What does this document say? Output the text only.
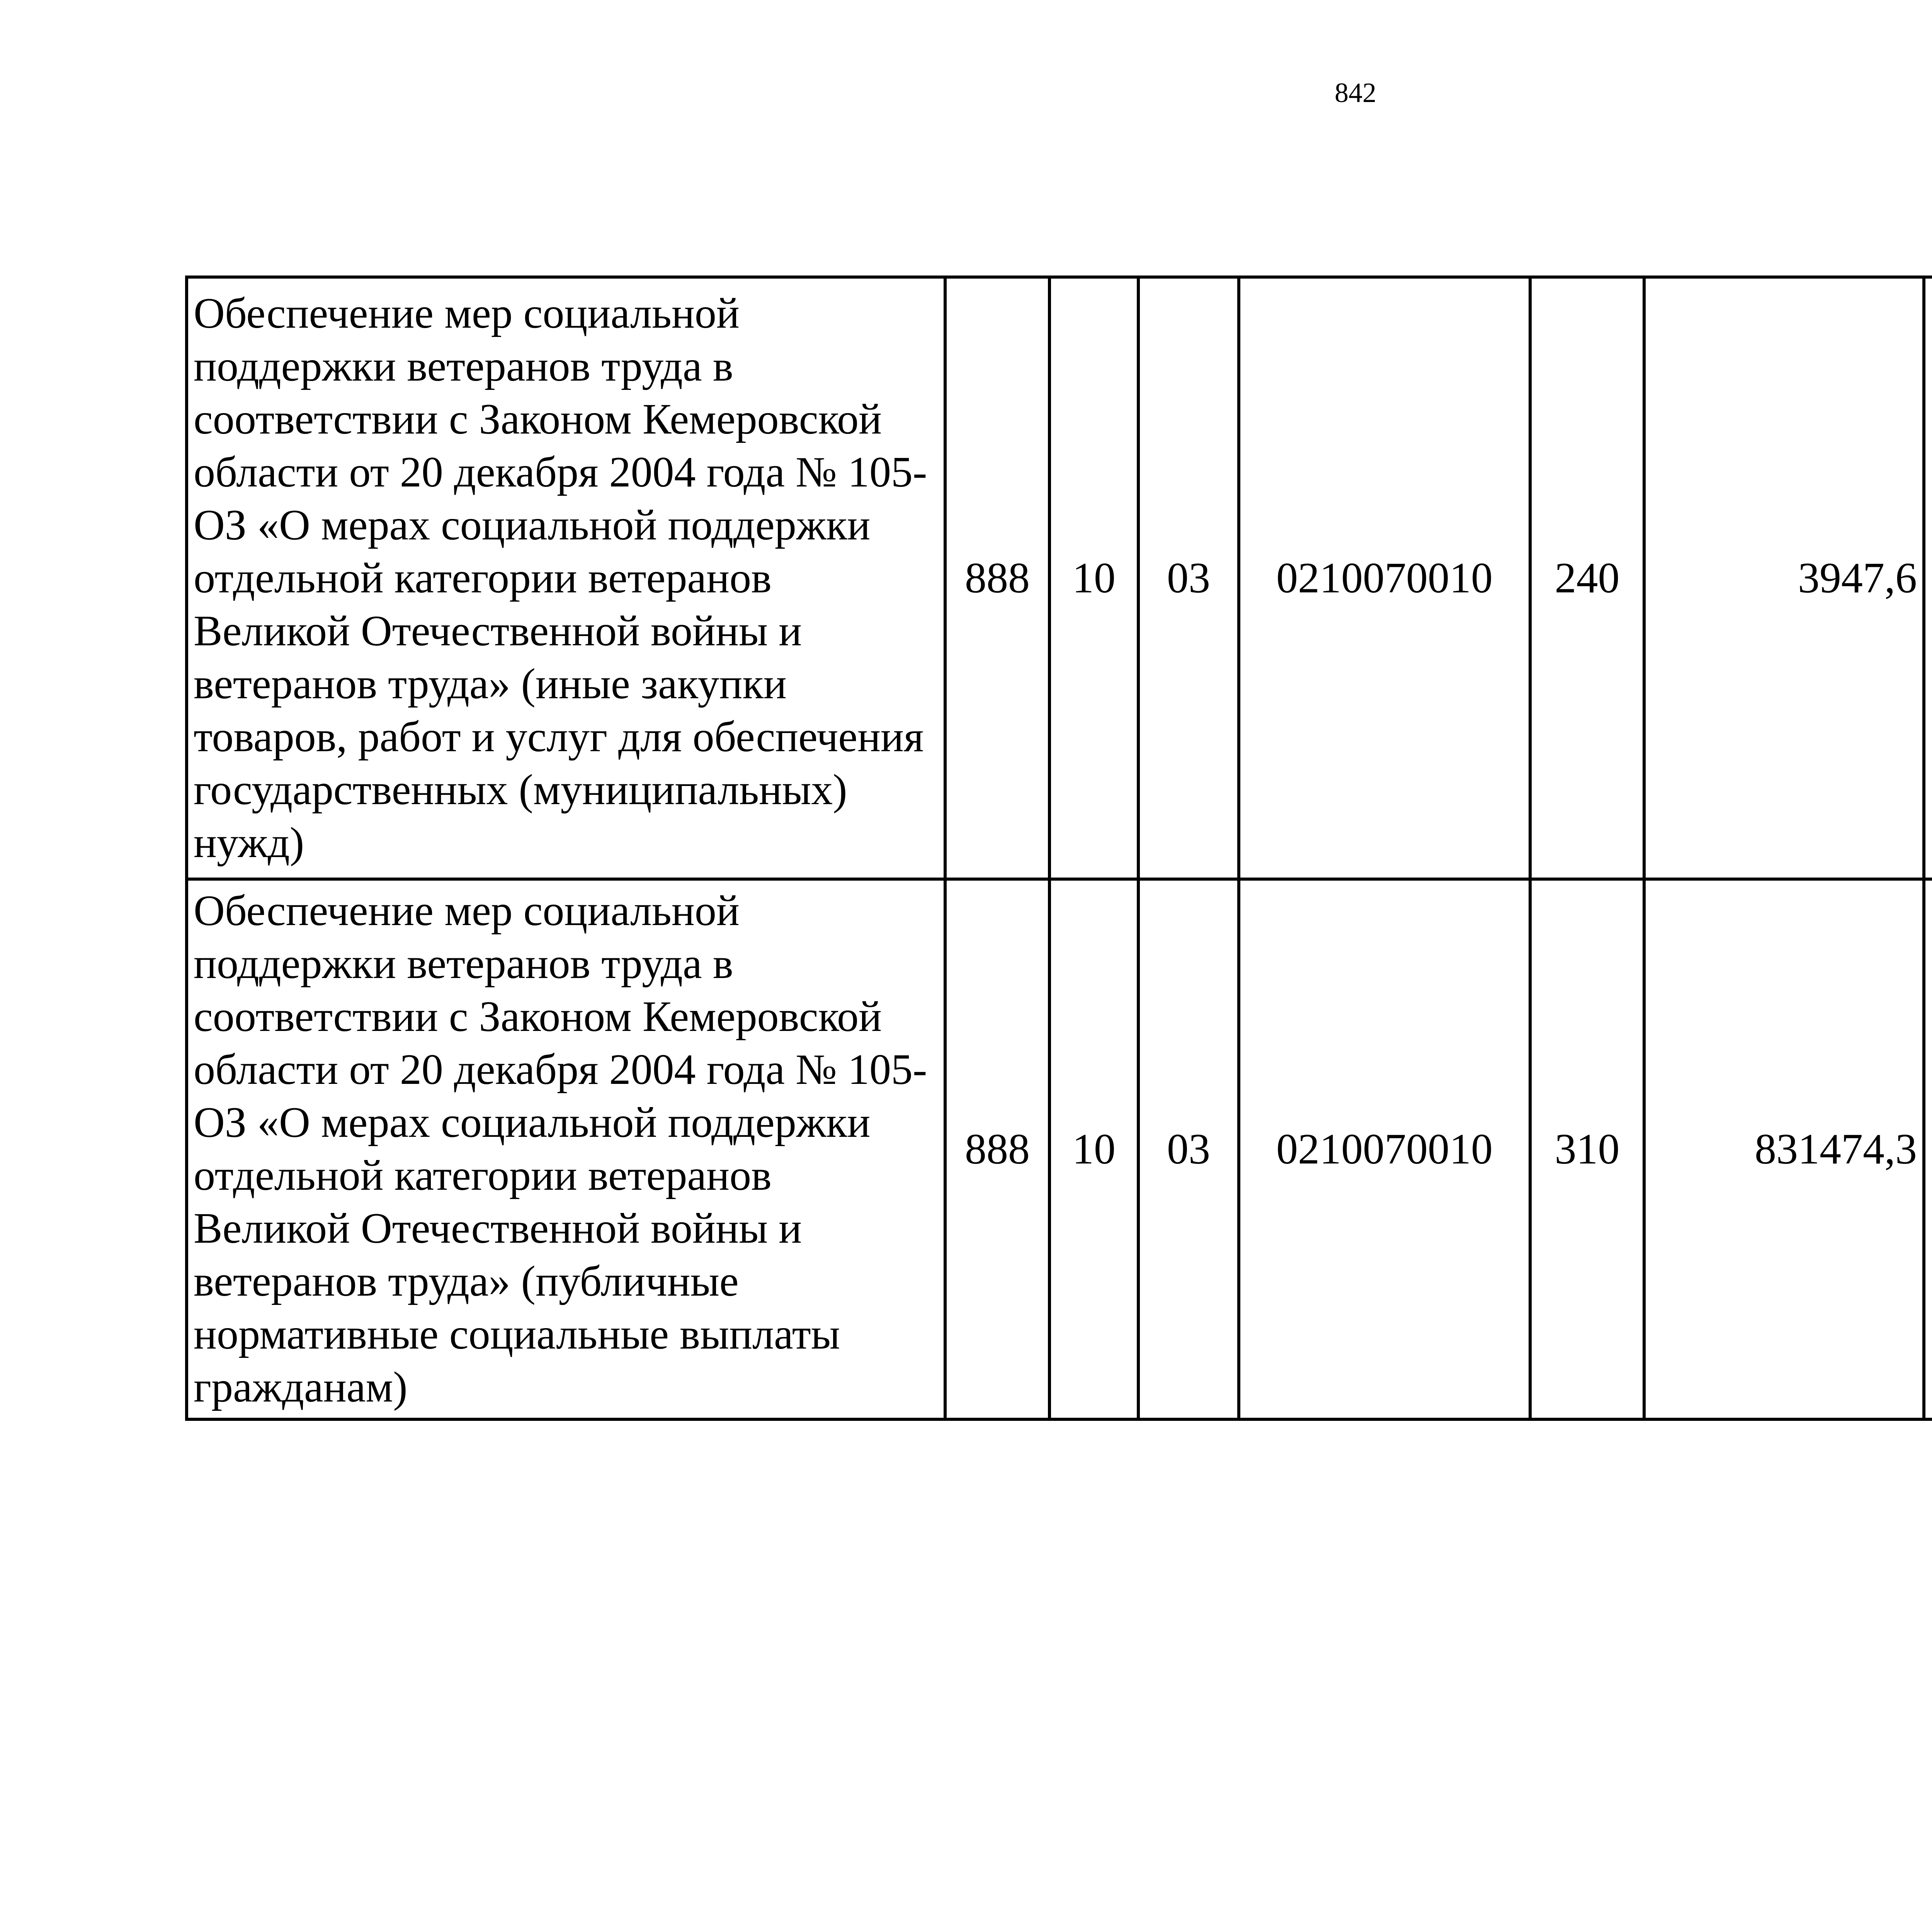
842
Обеспечение мер социальной поддержки ветеранов труда в соответствии с Законом Кемеровской области от 20 декабря 2004 года № 105-ОЗ «О мерах социальной поддержки отдельной категории ветеранов Великой Отечественной войны и ветеранов труда» (иные закупки товаров, работ и услуг для обеспечения государственных (муниципальных) нужд)	888	10	03	0210070010	240	3947,6		
Обеспечение мер социальной поддержки ветеранов труда в соответствии с Законом Кемеровской области от 20 декабря 2004 года № 105-ОЗ «О мерах социальной поддержки отдельной категории ветеранов Великой Отечественной войны и ветеранов труда» (публичные нормативные социальные выплаты гражданам)	888	10	03	0210070010	310	831474,3		
